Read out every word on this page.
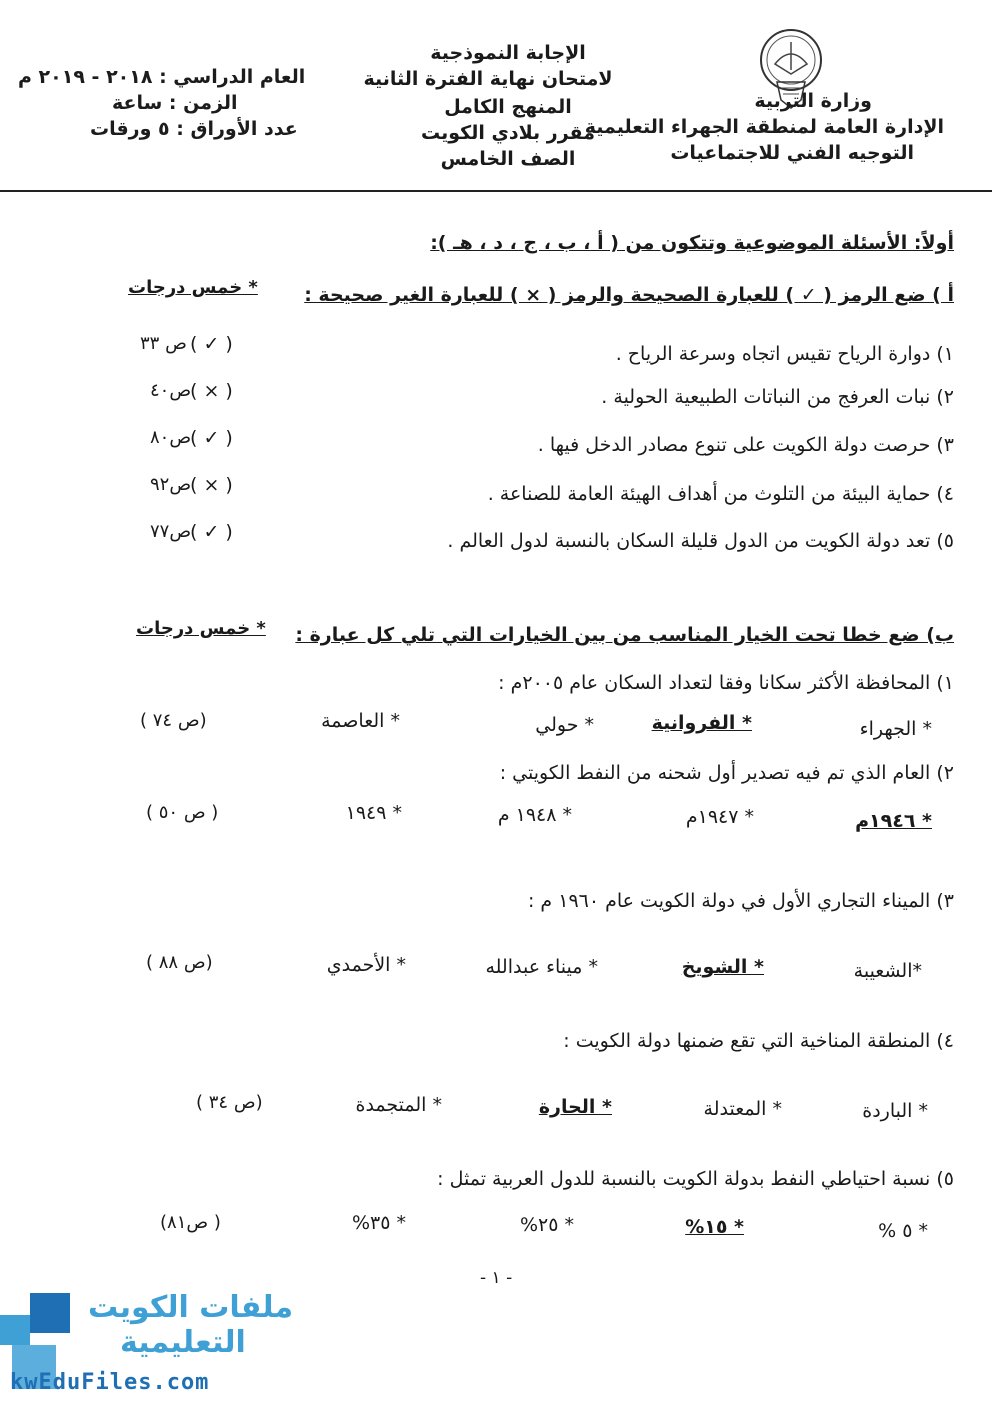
وزارة التربية
الإدارة العامة لمنطقة الجهراء التعليمية
التوجيه الفني للاجتماعيات
الإجابة النموذجية
لامتحان نهاية الفترة الثانية
المنهج الكامل
مقرر بلادي الكويت
الصف الخامس
العام الدراسي : ٢٠١٨ - ٢٠١٩ م
الزمن : ساعة
عدد الأوراق : ٥ ورقات
أولاً: الأسئلة الموضوعية وتتكون من ( أ ، ب ، ج ، د ، هـ ):
أ ) ضع الرمز ( ✓ ) للعبارة الصحيحة والرمز ( × ) للعبارة الغير صحيحة :
* خمس درجات
١) دوارة الرياح تقيس اتجاه وسرعة الرياح .
( ✓ )
ص ٣٣
٢) نبات العرفج من النباتات الطبيعية الحولية .
( × )
ص٤٠
٣) حرصت دولة الكويت على تنوع مصادر الدخل فيها .
( ✓ )
ص٨٠
٤) حماية البيئة من التلوث من أهداف الهيئة العامة للصناعة .
( × )
ص٩٢
٥) تعد دولة الكويت من الدول قليلة السكان بالنسبة لدول العالم .
( ✓ )
ص٧٧
ب) ضع خطا تحت الخيار المناسب من بين الخيارات التي تلي كل عبارة :
* خمس درجات
١) المحافظة الأكثر سكانا وفقا لتعداد السكان عام ٢٠٠٥م :
* الجهراء
* الفروانية
* حولي
* العاصمة
(ص ٧٤ )
٢) العام الذي تم فيه تصدير أول شحنه من النفط الكويتي :
* ١٩٤٦م
* ١٩٤٧م
* ١٩٤٨ م
* ١٩٤٩
( ص ٥٠ )
٣) الميناء التجاري الأول في دولة الكويت عام ١٩٦٠ م :
*الشعيبة
* الشويخ
* ميناء عبدالله
* الأحمدي
(ص ٨٨ )
٤) المنطقة المناخية التي تقع ضمنها دولة الكويت :
* الباردة
* المعتدلة
* الحارة
* المتجمدة
(ص ٣٤ )
٥) نسبة احتياطي النفط بدولة الكويت بالنسبة للدول العربية تمثل :
* ٥ %
* ١٥%
* ٢٥%
* ٣٥%
( ص٨١)
- ١ -
ملفات الكويت
التعليمية
kwEduFiles.com
